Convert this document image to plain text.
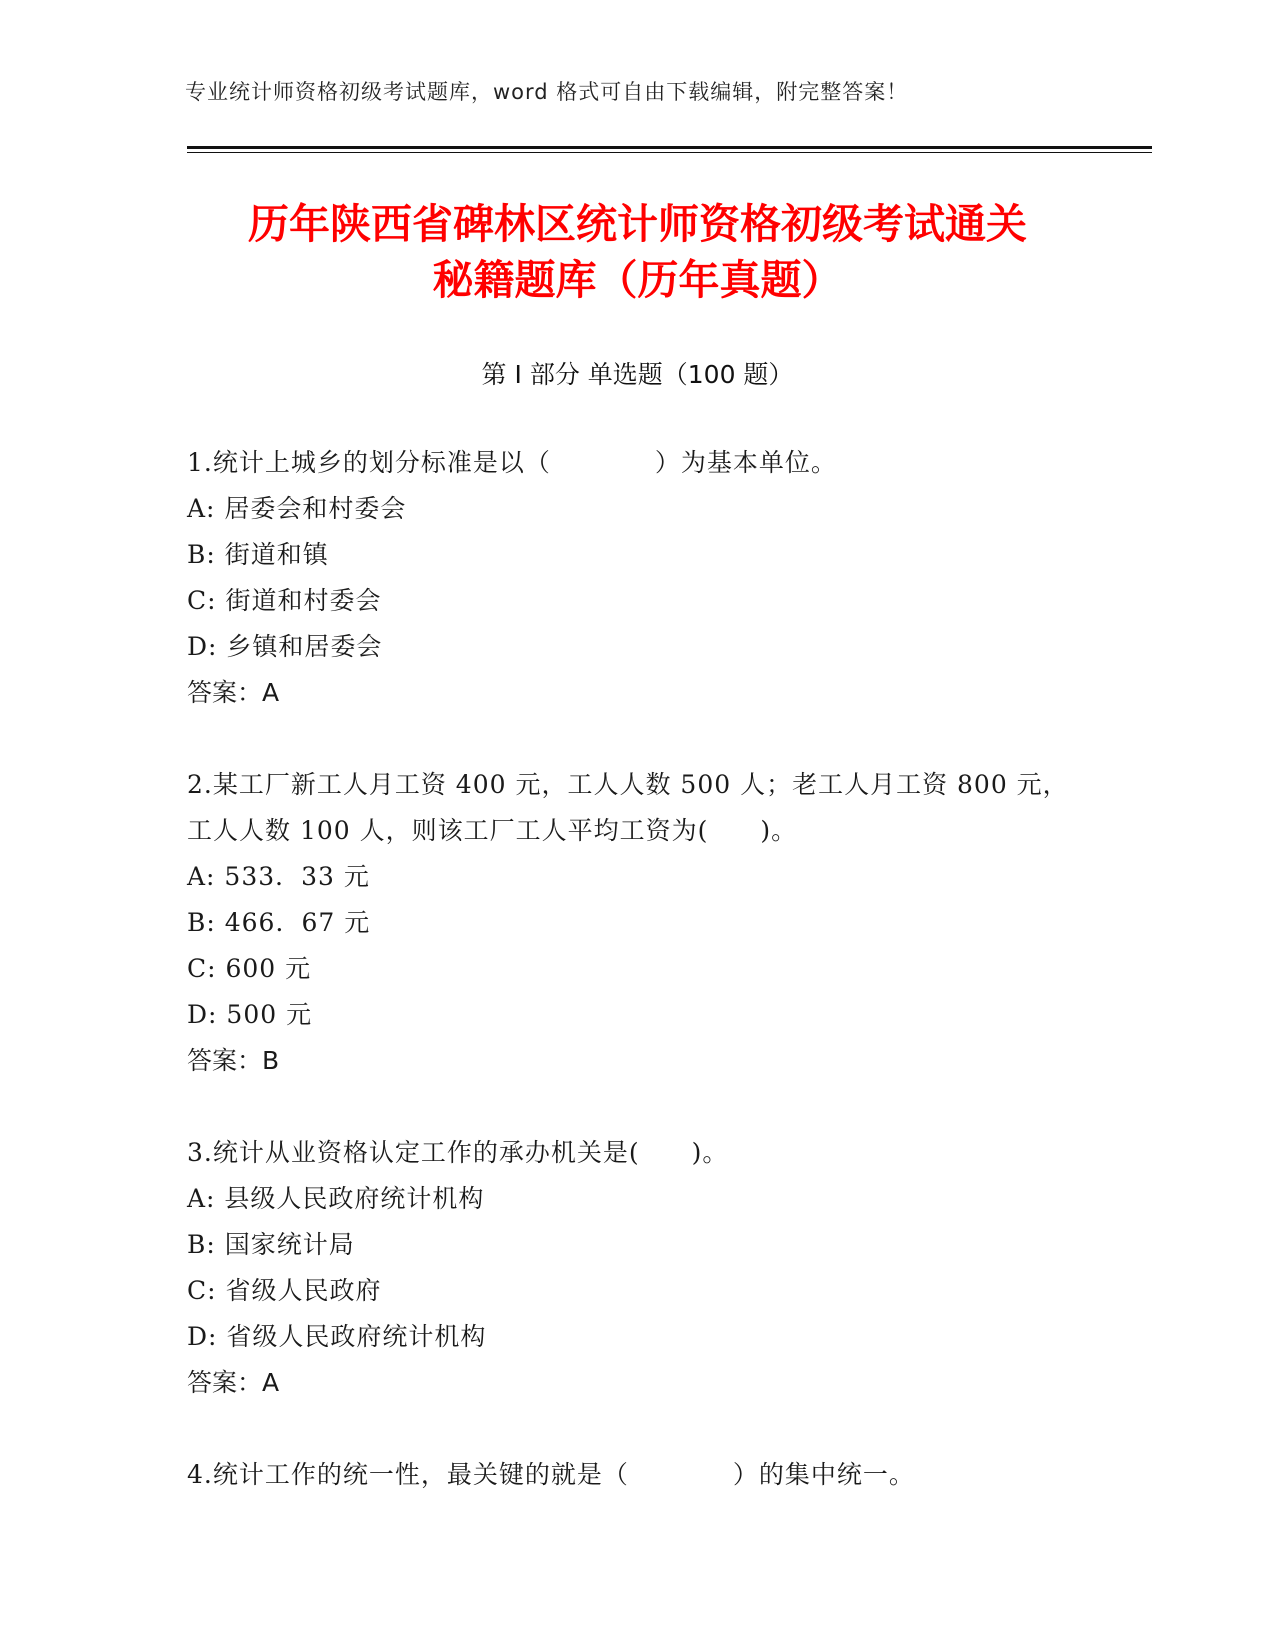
专业统计师资格初级考试题库，word 格式可自由下载编辑，附完整答案！
历年陕西省碑林区统计师资格初级考试通关
秘籍题库（历年真题）
第 I 部分 单选题（100 题）
1.统计上城乡的划分标准是以（　　　　）为基本单位。
A: 居委会和村委会
B: 街道和镇
C: 街道和村委会
D: 乡镇和居委会
答案：A
2.某工厂新工人月工资 400 元，工人人数 500 人；老工人月工资 800 元，工人人数 100 人，则该工厂工人平均工资为(　　)。
A: 533．33 元
B: 466．67 元
C: 600 元
D: 500 元
答案：B
3.统计从业资格认定工作的承办机关是(　　)。
A: 县级人民政府统计机构
B: 国家统计局
C: 省级人民政府
D: 省级人民政府统计机构
答案：A
4.统计工作的统一性，最关键的就是（　　　　）的集中统一。
